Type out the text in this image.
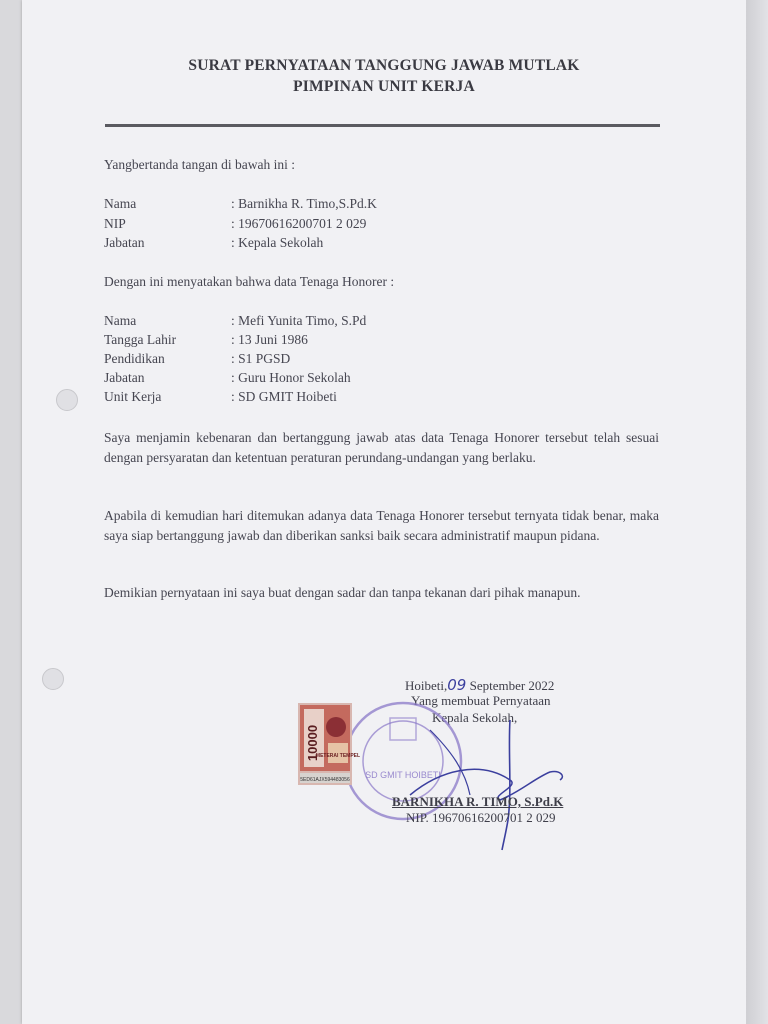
SURAT PERNYATAAN TANGGUNG JAWAB MUTLAK
PIMPINAN UNIT KERJA
Yangbertanda tangan di bawah ini :
Nama	: Barnikha R. Timo,S.Pd.K
NIP	: 19670616200701 2 029
Jabatan	: Kepala Sekolah
Dengan ini menyatakan bahwa data Tenaga Honorer :
Nama	: Mefi Yunita Timo, S.Pd
Tangga Lahir	: 13 Juni 1986
Pendidikan	: S1 PGSD
Jabatan	: Guru Honor Sekolah
Unit Kerja	: SD GMIT Hoibeti
Saya menjamin kebenaran dan bertanggung jawab atas data Tenaga Honorer tersebut telah sesuai dengan persyaratan dan ketentuan peraturan perundang-undangan yang berlaku.
Apabila di kemudian hari ditemukan adanya data Tenaga Honorer tersebut ternyata tidak benar, maka saya siap bertanggung jawab dan diberikan sanksi baik secara administratif maupun pidana.
Demikian pernyataan ini saya buat dengan sadar dan tanpa tekanan dari pihak manapun.
Hoibeti,09 September 2022
Yang membuat Pernyataan
Kepala Sekolah,
SD GMIT HOIBETI
10000
METERAI TEMPEL
5ED61AJX594483056
BARNIKHA R. TIMO, S.Pd.K
NIP. 19670616200701 2 029
